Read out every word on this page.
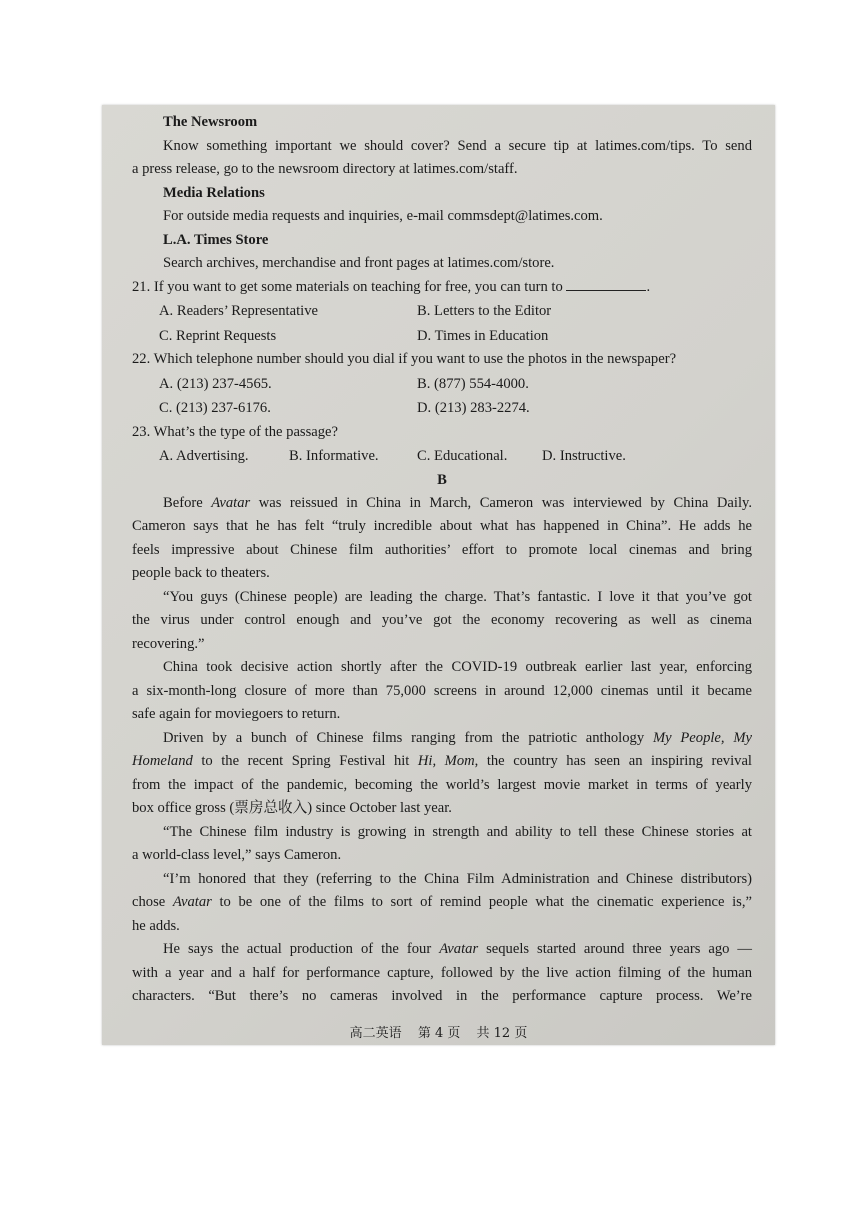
The Newsroom

Know something important we should cover? Send a secure tip at latimes.com/tips. To send

a press release, go to the newsroom directory at latimes.com/staff.

Media Relations

For outside media requests and inquiries, e-mail commsdept@latimes.com.

L.A. Times Store

Search archives, merchandise and front pages at latimes.com/store.

21. If you want to get some materials on teaching for free, you can turn to	.

A. Readers’ Representative	B. Letters to the Editor
C. Reprint Requests	D. Times in Education

22. Which telephone number should you dial if you want to use the photos in the newspaper?

A. (213) 237-4565.	B. (877) 554-4000.
C. (213) 237-6176.	D. (213) 283-2274.

23. What’s the type of the passage?

A. Advertising.	B. Informative.	C. Educational.	D. Instructive.

B

Before Avatar was reissued in China in March, Cameron was interviewed by China Daily.

Cameron says that he has felt “truly incredible about what has happened in China”. He adds he

feels impressive about Chinese film authorities’ effort to promote local cinemas and bring

people back to theaters.

“You guys (Chinese people) are leading the charge. That’s fantastic. I love it that you’ve got

the virus under control enough and you’ve got the economy recovering as well as cinema

recovering.”

China took decisive action shortly after the COVID-19 outbreak earlier last year, enforcing

a six-month-long closure of more than 75,000 screens in around 12,000 cinemas until it became

safe again for moviegoers to return.

Driven by a bunch of Chinese films ranging from the patriotic anthology My People, My

Homeland to the recent Spring Festival hit Hi, Mom, the country has seen an inspiring revival

from the impact of the pandemic, becoming the world’s largest movie market in terms of yearly

box office gross (票房总收入) since October last year.

“The Chinese film industry is growing in strength and ability to tell these Chinese stories at

a world-class level,” says Cameron.

“I’m honored that they (referring to the China Film Administration and Chinese distributors)

chose Avatar to be one of the films to sort of remind people what the cinematic experience is,”

he adds.

He says the actual production of the four Avatar sequels started around three years ago —

with a year and a half for performance capture, followed by the live action filming of the human

characters. “But there’s no cameras involved in the performance capture process. We’re

高二英语 第 4 页 共 12 页
